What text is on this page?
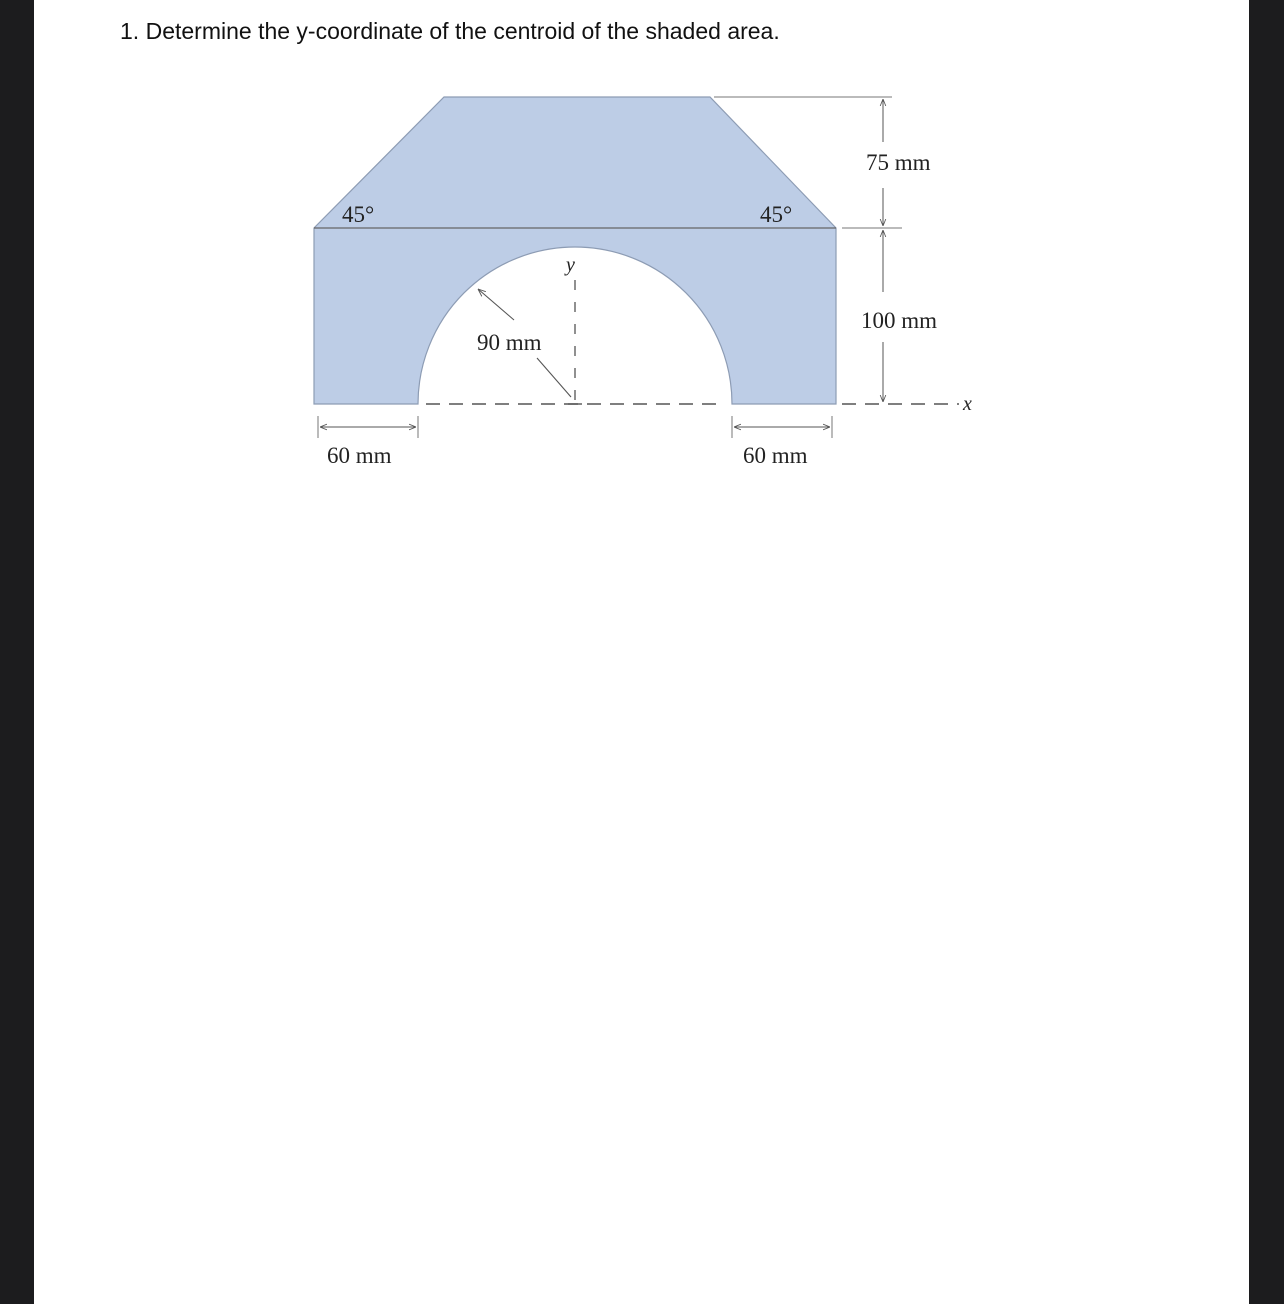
1. Determine the y-coordinate of the centroid of the shaded area.
45°	45°
75 mm
100 mm
90 mm
60 mm	60 mm
y
x
